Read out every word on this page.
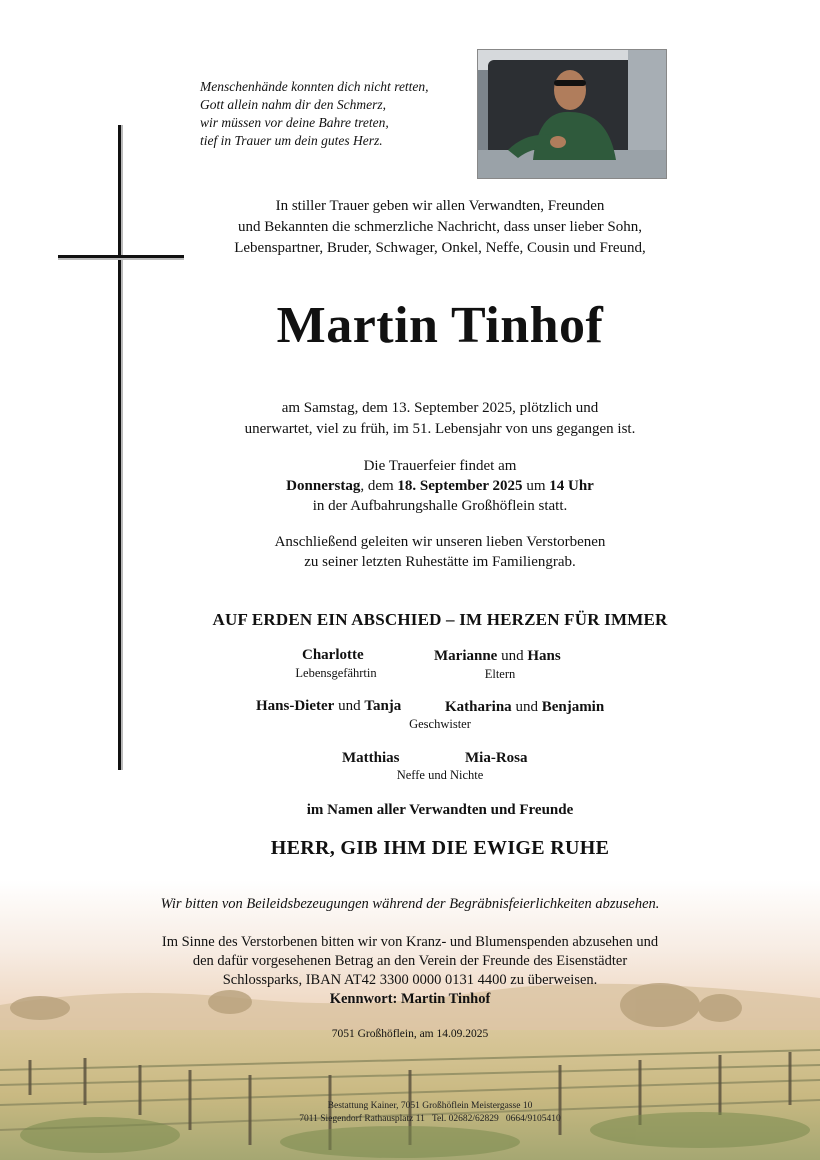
Menschenhände konnten dich nicht retten,
Gott allein nahm dir den Schmerz,
wir müssen vor deine Bahre treten,
tief in Trauer um dein gutes Herz.
In stiller Trauer geben wir allen Verwandten, Freunden
und Bekannten die schmerzliche Nachricht, dass unser lieber Sohn,
Lebenspartner, Bruder, Schwager, Onkel, Neffe, Cousin und Freund,
Martin Tinhof
am Samstag, dem 13. September 2025, plötzlich und
unerwartet, viel zu früh, im 51. Lebensjahr von uns gegangen ist.
Die Trauerfeier findet am
Donnerstag, dem 18. September 2025 um 14 Uhr
in der Aufbahrungshalle Großhöflein statt.
Anschließend geleiten wir unseren lieben Verstorbenen
zu seiner letzten Ruhestätte im Familiengrab.
AUF ERDEN EIN ABSCHIED – IM HERZEN FÜR IMMER
Charlotte
Lebensgefährtin
Marianne und Hans
Eltern
Hans-Dieter und Tanja	Katharina und Benjamin
Geschwister
Matthias	Mia-Rosa
Neffe und Nichte
im Namen aller Verwandten und Freunde
HERR, GIB IHM DIE EWIGE RUHE
Wir bitten von Beileidsbezeugungen während der Begräbnisfeierlichkeiten abzusehen.
Im Sinne des Verstorbenen bitten wir von Kranz- und Blumenspenden abzusehen und
den dafür vorgesehenen Betrag an den Verein der Freunde des Eisenstädter
Schlossparks, IBAN AT42 3300 0000 0131 4400 zu überweisen.
Kennwort: Martin Tinhof
7051 Großhöflein, am 14.09.2025
Bestattung Kainer, 7051 Großhöflein Meistergasse 10
7011 Siegendorf Rathausplatz 11   Tel. 02682/62829   0664/9105410
